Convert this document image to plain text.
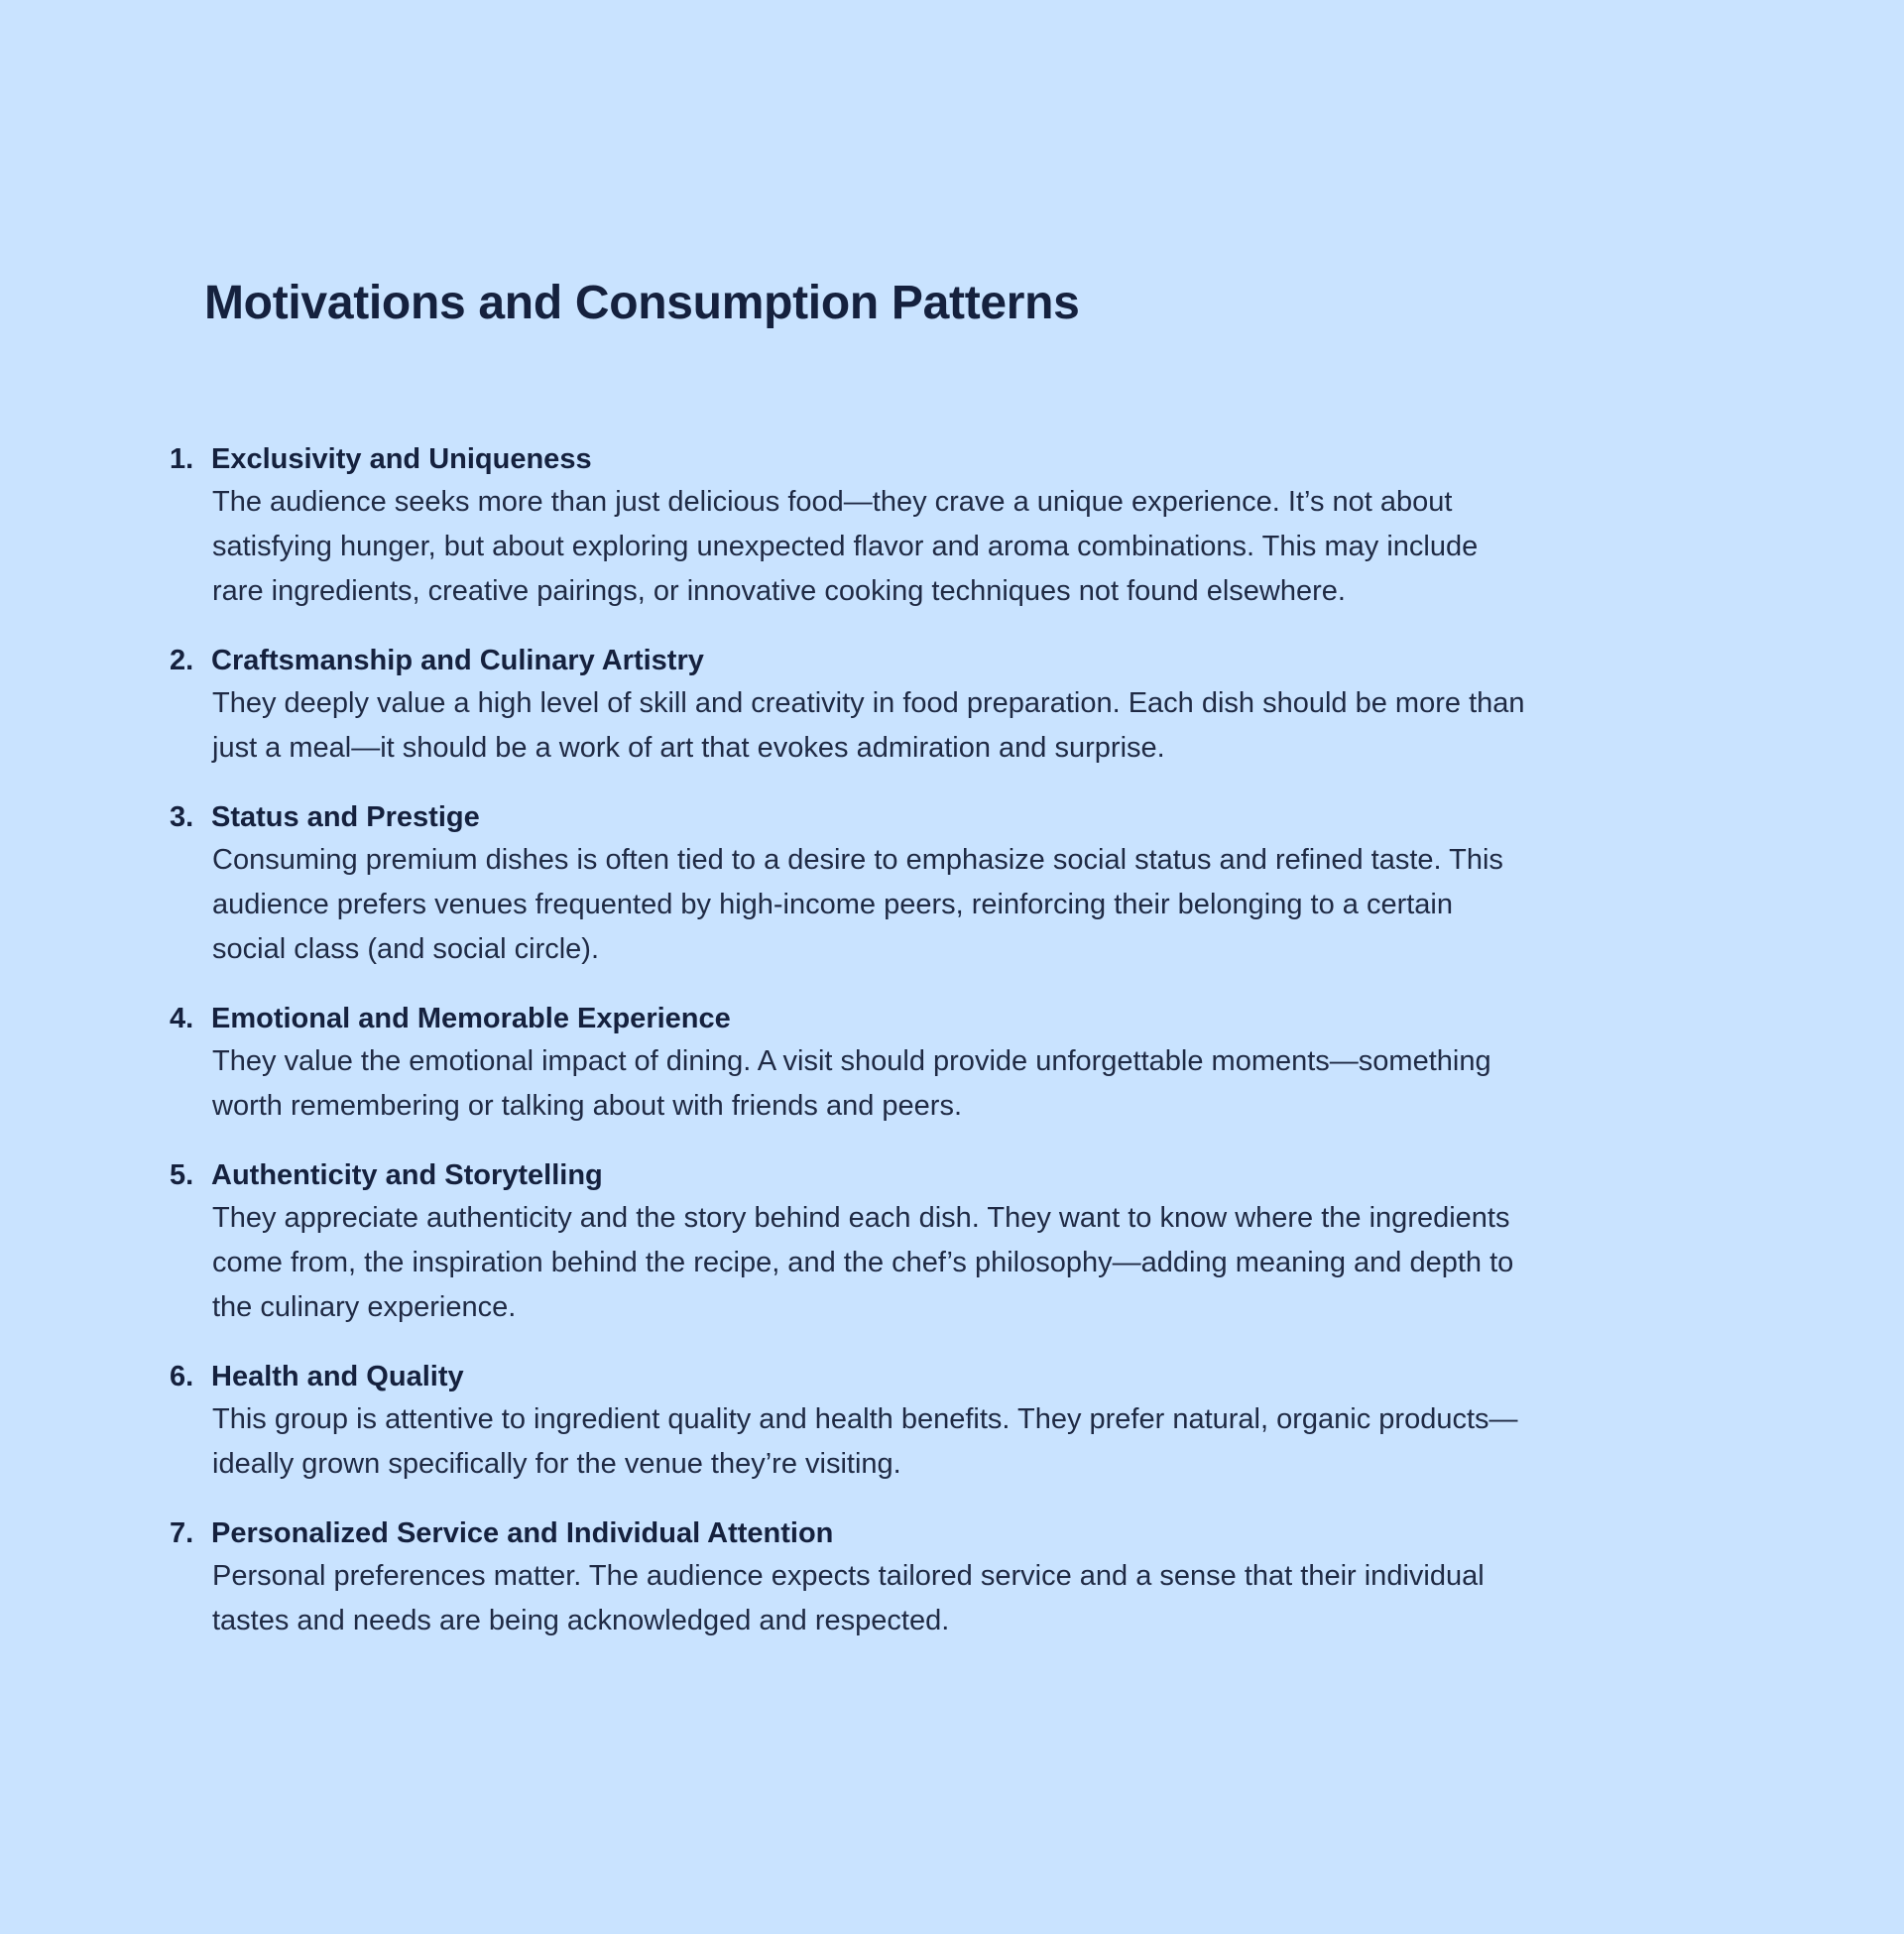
Motivations and Consumption Patterns
1. Exclusivity and Uniqueness
The audience seeks more than just delicious food—they crave a unique experience. It’s not about
satisfying hunger, but about exploring unexpected flavor and aroma combinations. This may include
rare ingredients, creative pairings, or innovative cooking techniques not found elsewhere.
2. Craftsmanship and Culinary Artistry
They deeply value a high level of skill and creativity in food preparation. Each dish should be more than
just a meal—it should be a work of art that evokes admiration and surprise.
3. Status and Prestige
Consuming premium dishes is often tied to a desire to emphasize social status and refined taste. This
audience prefers venues frequented by high-income peers, reinforcing their belonging to a certain
social class (and social circle).
4. Emotional and Memorable Experience
They value the emotional impact of dining. A visit should provide unforgettable moments—something
worth remembering or talking about with friends and peers.
5. Authenticity and Storytelling
They appreciate authenticity and the story behind each dish. They want to know where the ingredients
come from, the inspiration behind the recipe, and the chef’s philosophy—adding meaning and depth to
the culinary experience.
6. Health and Quality
This group is attentive to ingredient quality and health benefits. They prefer natural, organic products—
ideally grown specifically for the venue they’re visiting.
7. Personalized Service and Individual Attention
Personal preferences matter. The audience expects tailored service and a sense that their individual
tastes and needs are being acknowledged and respected.
